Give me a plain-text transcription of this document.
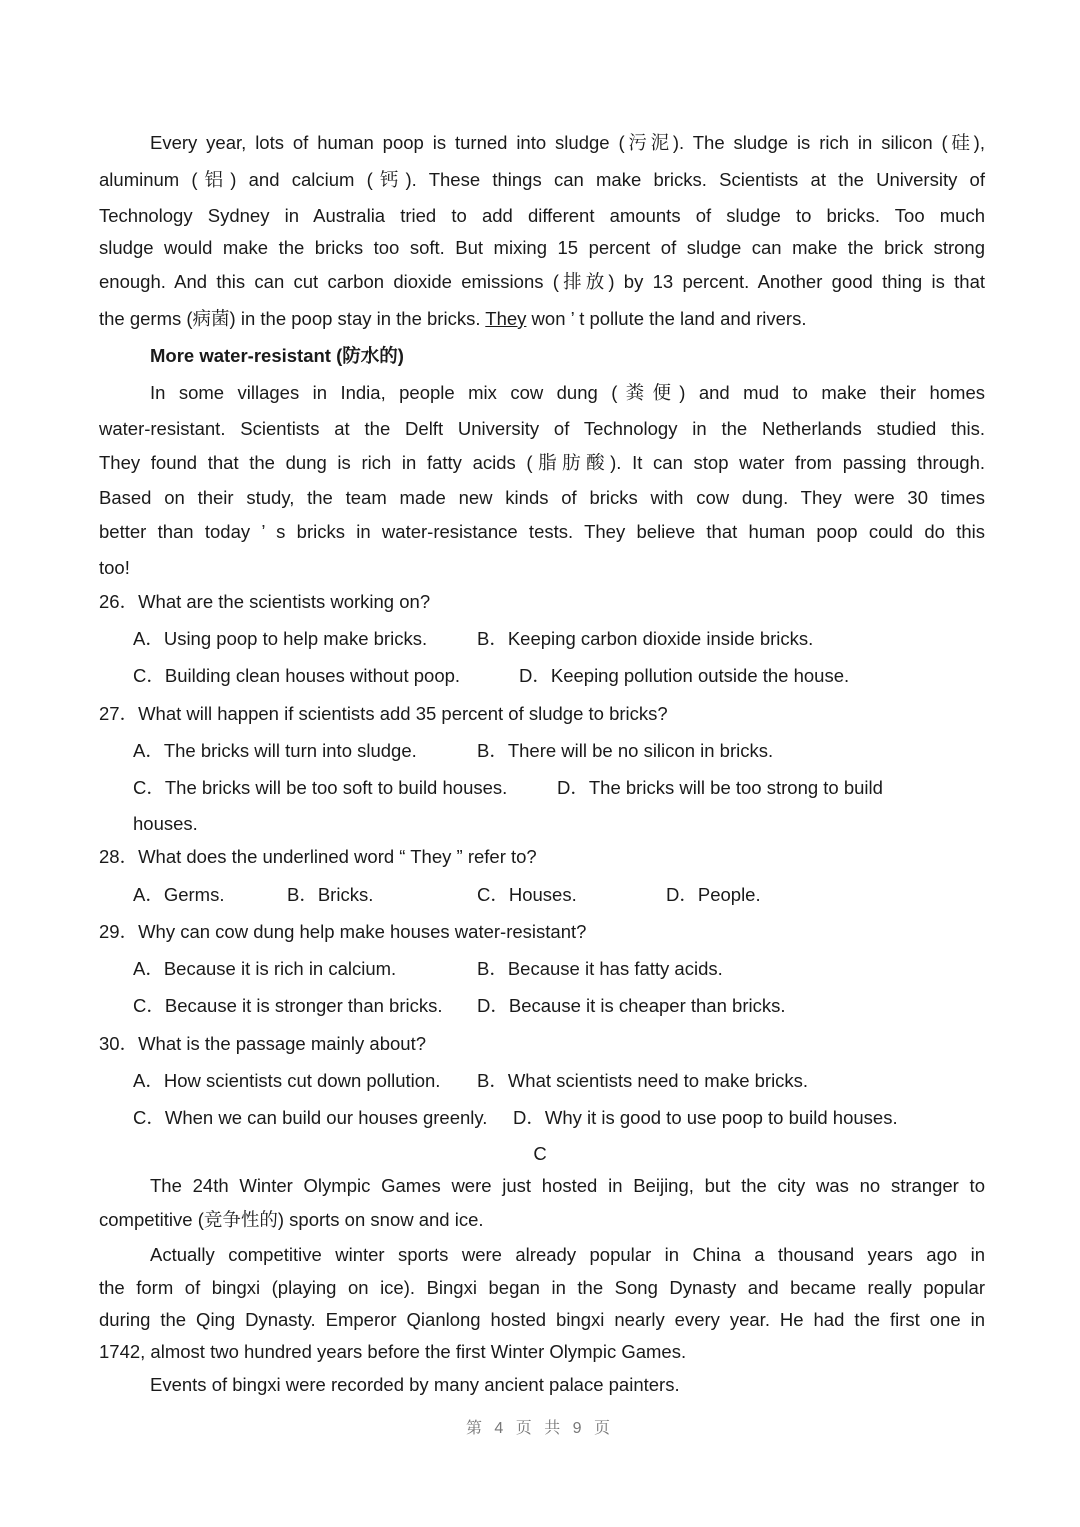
Every year, lots of human poop is turned into sludge (污泥). The sludge is rich in silicon (硅),
aluminum (铝) and calcium (钙). These things can make bricks. Scientists at the University of
Technology Sydney in Australia tried to add different amounts of sludge to bricks. Too much
sludge would make the bricks too soft. But mixing 15 percent of sludge can make the brick strong
enough. And this can cut carbon dioxide emissions (排放) by 13 percent. Another good thing is that
the germs (病菌) in the poop stay in the bricks. They won ’ t pollute the land and rivers.
More water-resistant (防水的)
In some villages in India, people mix cow dung (粪便) and mud to make their homes
water-resistant. Scientists at the Delft University of Technology in the Netherlands studied this.
They found that the dung is rich in fatty acids (脂肪酸). It can stop water from passing through.
Based on their study, the team made new kinds of bricks with cow dung. They were 30 times
better than today ’ s bricks in water-resistance tests. They believe that human poop could do this
too!
26．What are the scientists working on?
A．Using poop to help make bricks.	B．Keeping carbon dioxide inside bricks.
C．Building clean houses without poop.	D．Keeping pollution outside the house.
27．What will happen if scientists add 35 percent of sludge to bricks?
A．The bricks will turn into sludge.	B．There will be no silicon in bricks.
C．The bricks will be too soft to build houses.	D．The bricks will be too strong to build houses.
28．What does the underlined word “ They ” refer to?
A．Germs.	B．Bricks.	C．Houses.	D．People.
29．Why can cow dung help make houses water-resistant?
A．Because it is rich in calcium.	B．Because it has fatty acids.
C．Because it is stronger than bricks. D．Because it is cheaper than bricks.
30．What is the passage mainly about?
A．How scientists cut down pollution. B．What scientists need to make bricks.
C．When we can build our houses greenly. D．Why it is good to use poop to build houses.
C
The 24th Winter Olympic Games were just hosted in Beijing, but the city was no stranger to
competitive (竞争性的) sports on snow and ice.
Actually competitive winter sports were already popular in China a thousand years ago in
the form of bingxi (playing on ice). Bingxi began in the Song Dynasty and became really popular
during the Qing Dynasty. Emperor Qianlong hosted bingxi nearly every year. He had the first one in
1742, almost two hundred years before the first Winter Olympic Games.
Events of bingxi were recorded by many ancient palace painters.
第 4 页 共 9 页
